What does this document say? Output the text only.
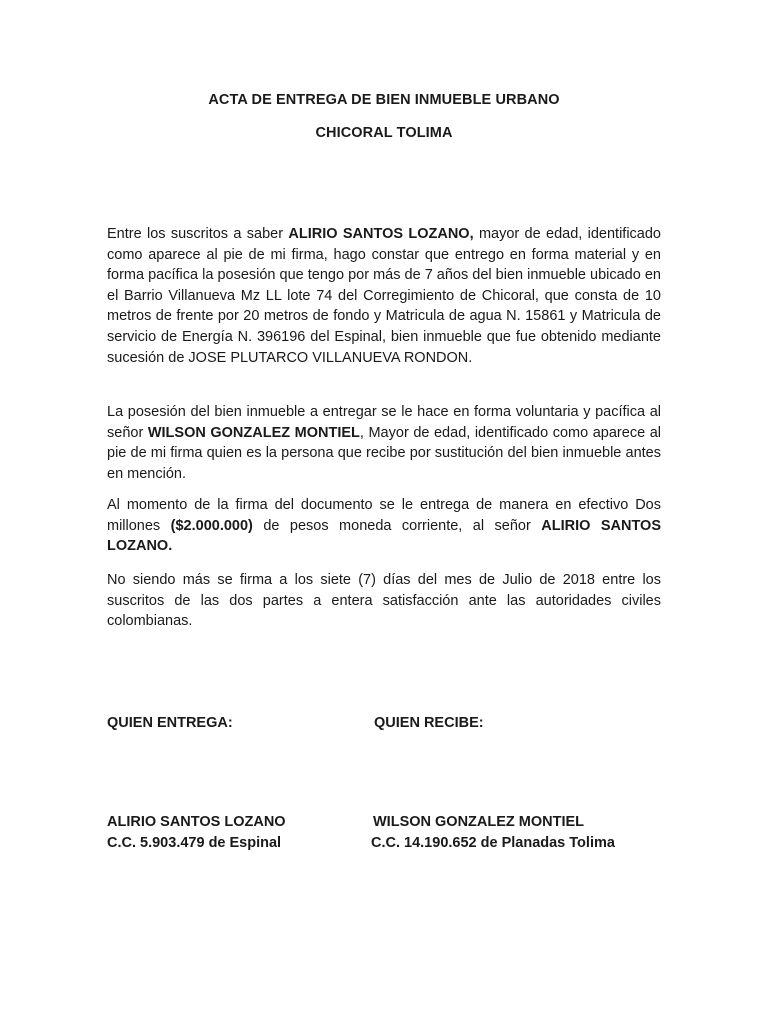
ACTA DE ENTREGA DE BIEN INMUEBLE URBANO
CHICORAL TOLIMA

Entre los suscritos a saber ALIRIO SANTOS LOZANO, mayor de edad, identificado como aparece al pie de mi firma, hago constar que entrego en forma material y en forma pacífica la posesión que tengo por más de 7 años del bien inmueble ubicado en el Barrio Villanueva Mz LL lote 74 del Corregimiento de Chicoral, que consta de 10 metros de frente por 20 metros de fondo y Matricula de agua N. 15861 y Matricula de servicio de Energía N. 396196 del Espinal, bien inmueble que fue obtenido mediante sucesión de JOSE PLUTARCO VILLANUEVA RONDON.

La posesión del bien inmueble a entregar se le hace en forma voluntaria y pacífica al señor WILSON GONZALEZ MONTIEL, Mayor de edad, identificado como aparece al pie de mi firma quien es la persona que recibe por sustitución del bien inmueble antes en mención.

Al momento de la firma del documento se le entrega de manera en efectivo Dos millones ($2.000.000) de pesos moneda corriente, al señor ALIRIO SANTOS LOZANO.

No siendo más se firma a los siete (7) días del mes de Julio de 2018 entre los suscritos de las dos partes a entera satisfacción ante las autoridades civiles colombianas.

QUIEN ENTREGA:	QUIEN RECIBE:
ALIRIO SANTOS LOZANO
C.C. 5.903.479 de Espinal
WILSON GONZALEZ MONTIEL
C.C. 14.190.652 de Planadas Tolima
